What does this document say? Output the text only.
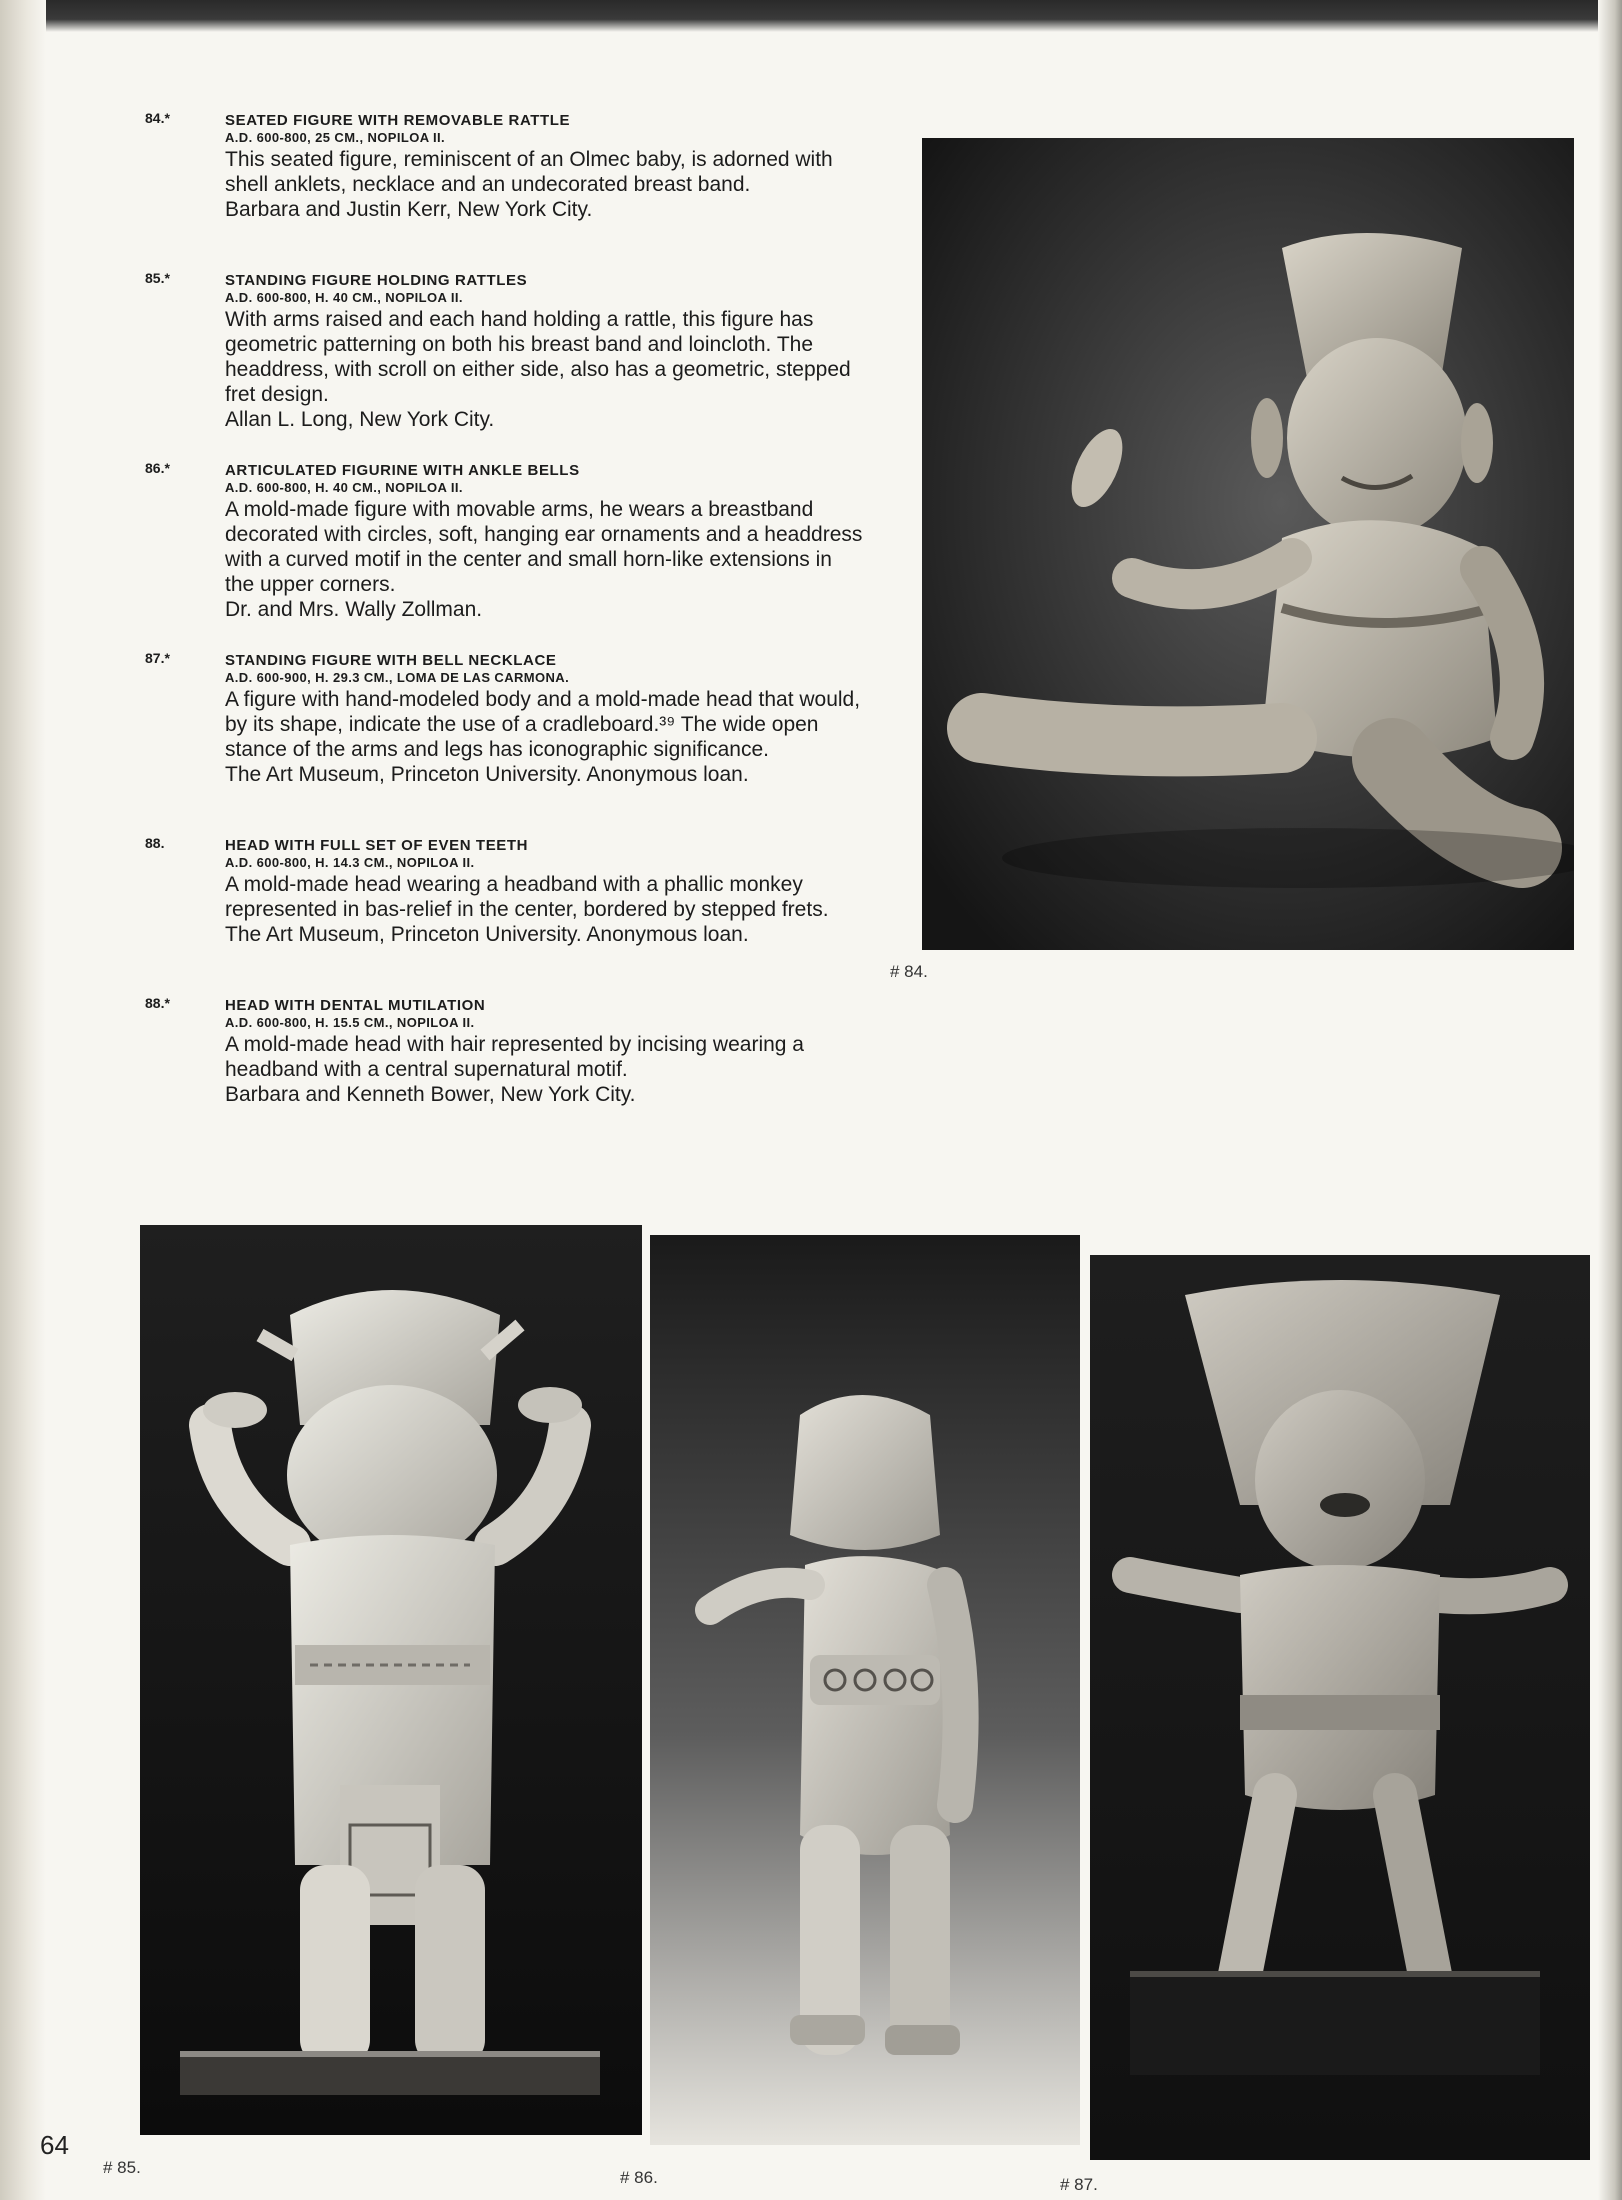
84.*	SEATED FIGURE WITH REMOVABLE RATTLE
A.D. 600-800, 25 CM., NOPILOA II.
This seated figure, reminiscent of an Olmec baby, is adorned with shell anklets, necklace and an undecorated breast band.
Barbara and Justin Kerr, New York City.
85.*	STANDING FIGURE HOLDING RATTLES
A.D. 600-800, H. 40 CM., NOPILOA II.
With arms raised and each hand holding a rattle, this figure has geometric patterning on both his breast band and loincloth. The headdress, with scroll on either side, also has a geometric, stepped fret design.
Allan L. Long, New York City.
86.*	ARTICULATED FIGURINE WITH ANKLE BELLS
A.D. 600-800, H. 40 CM., NOPILOA II.
A mold-made figure with movable arms, he wears a breastband decorated with circles, soft, hanging ear ornaments and a headdress with a curved motif in the center and small horn-like extensions in the upper corners.
Dr. and Mrs. Wally Zollman.
87.*	STANDING FIGURE WITH BELL NECKLACE
A.D. 600-900, H. 29.3 CM., LOMA DE LAS CARMONA.
A figure with hand-modeled body and a mold-made head that would, by its shape, indicate the use of a cradleboard.³⁹ The wide open stance of the arms and legs has iconographic significance.
The Art Museum, Princeton University. Anonymous loan.
88.	HEAD WITH FULL SET OF EVEN TEETH
A.D. 600-800, H. 14.3 CM., NOPILOA II.
A mold-made head wearing a headband with a phallic monkey represented in bas-relief in the center, bordered by stepped frets.
The Art Museum, Princeton University. Anonymous loan.
88.*	HEAD WITH DENTAL MUTILATION
A.D. 600-800, H. 15.5 CM., NOPILOA II.
A mold-made head with hair represented by incising wearing a headband with a central supernatural motif.
Barbara and Kenneth Bower, New York City.
# 84.
# 85.
# 86.	# 87.
64
